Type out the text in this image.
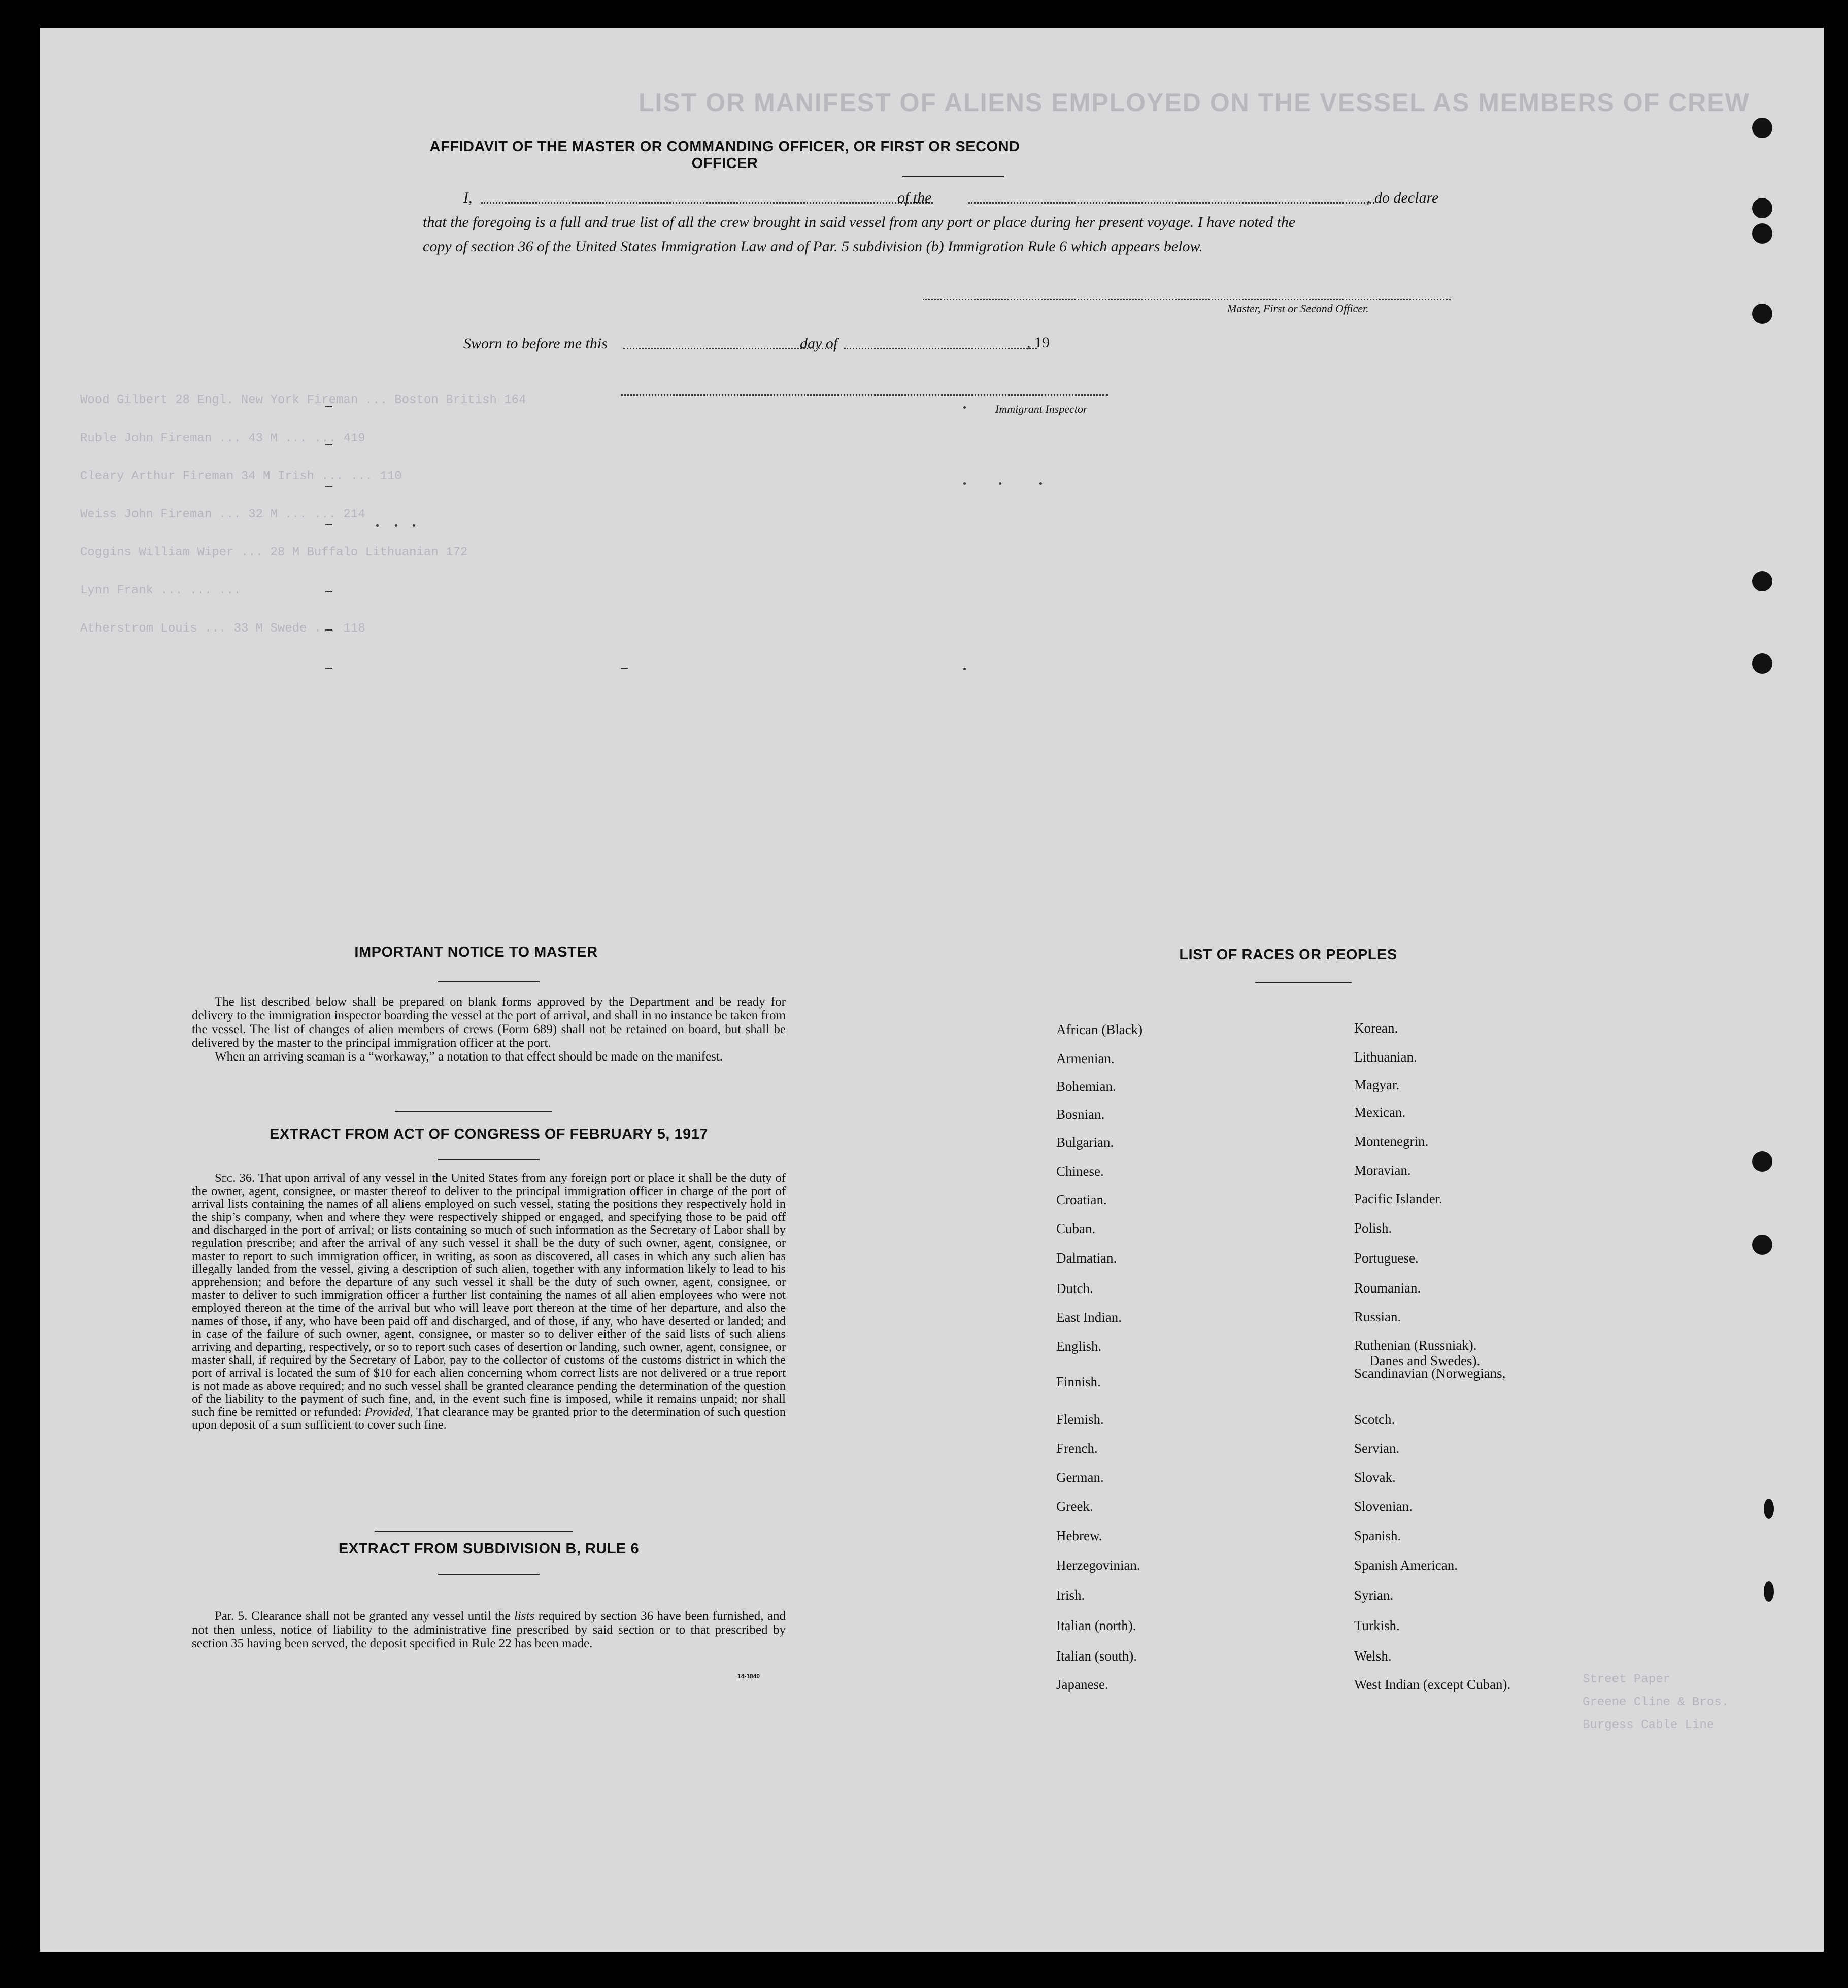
LIST OR MANIFEST OF ALIENS EMPLOYED ON THE VESSEL AS MEMBERS OF CREW
Wood Gilbert 28 Engl. New York Fireman ... Boston British 164
Ruble John Fireman ... 43 M ... ... 419
Cleary Arthur Fireman 34 M Irish ... ... 110
Weiss John Fireman ... 32 M ... ... 214
Coggins William Wiper ... 28 M Buffalo Lithuanian 172
Lynn Frank ... ... ...
Atherstrom Louis ... 33 M Swede ... 118
Street Paper
Greene Cline & Bros.
Burgess Cable Line
AFFIDAVIT OF THE MASTER OR COMMANDING OFFICER, OR FIRST OR SECOND OFFICER
I,	of the	, do declare
that the foregoing is a full and true list of all the crew brought in said vessel from any port or place during her present voyage. I have noted the
copy of section 36 of the United States Immigration Law and of Par. 5 subdivision (b) Immigration Rule 6 which appears below.
Master, First or Second Officer.
Sworn to before me this	day of	, 19
Immigrant Inspector
IMPORTANT NOTICE TO MASTER
The list described below shall be prepared on blank forms approved by the Department and be ready for delivery to the immigration inspector boarding the vessel at the port of arrival, and shall in no instance be taken from the vessel. The list of changes of alien members of crews (Form 689) shall not be retained on board, but shall be delivered by the master to the principal immigration officer at the port.
When an arriving seaman is a “workaway,” a notation to that effect should be made on the manifest.
EXTRACT FROM ACT OF CONGRESS OF FEBRUARY 5, 1917
Sec. 36. That upon arrival of any vessel in the United States from any foreign port or place it shall be the duty of the owner, agent, consignee, or master thereof to deliver to the principal immigration officer in charge of the port of arrival lists containing the names of all aliens employed on such vessel, stating the positions they respectively hold in the ship’s company, when and where they were respectively shipped or engaged, and specifying those to be paid off and discharged in the port of arrival; or lists containing so much of such information as the Secretary of Labor shall by regulation prescribe; and after the arrival of any such vessel it shall be the duty of such owner, agent, consignee, or master to report to such immigration officer, in writing, as soon as discovered, all cases in which any such alien has illegally landed from the vessel, giving a description of such alien, together with any information likely to lead to his apprehension; and before the departure of any such vessel it shall be the duty of such owner, agent, consignee, or master to deliver to such immigration officer a further list containing the names of all alien employees who were not employed thereon at the time of the arrival but who will leave port thereon at the time of her departure, and also the names of those, if any, who have been paid off and discharged, and of those, if any, who have deserted or landed; and in case of the failure of such owner, agent, consignee, or master so to deliver either of the said lists of such aliens arriving and departing, respectively, or so to report such cases of desertion or landing, such owner, agent, consignee, or master shall, if required by the Secretary of Labor, pay to the collector of customs of the customs district in which the port of arrival is located the sum of $10 for each alien concerning whom correct lists are not delivered or a true report is not made as above required; and no such vessel shall be granted clearance pending the determination of the question of the liability to the payment of such fine, and, in the event such fine is imposed, while it remains unpaid; nor shall such fine be remitted or refunded: Provided, That clearance may be granted prior to the determination of such question upon deposit of a sum sufficient to cover such fine.
EXTRACT FROM SUBDIVISION B, RULE 6
Par. 5. Clearance shall not be granted any vessel until the lists required by section 36 have been furnished, and not then unless, notice of liability to the administrative fine prescribed by said section or to that prescribed by section 35 having been served, the deposit specified in Rule 22 has been made.
14-1840
LIST OF RACES OR PEOPLES
African (Black)
Armenian.
Bohemian.
Bosnian.
Bulgarian.
Chinese.
Croatian.
Cuban.
Dalmatian.
Dutch.
East Indian.
English.
Finnish.
Flemish.
French.
German.
Greek.
Hebrew.
Herzegovinian.
Irish.
Italian (north).
Italian (south).
Japanese.
Korean.
Lithuanian.
Magyar.
Mexican.
Montenegrin.
Moravian.
Pacific Islander.
Polish.
Portuguese.
Roumanian.
Russian.
Ruthenian (Russniak).
Scandinavian (Norwegians,
Scotch.
Servian.
Slovak.
Slovenian.
Spanish.
Spanish American.
Syrian.
Turkish.
Welsh.
West Indian (except Cuban).
Danes and Swedes).
